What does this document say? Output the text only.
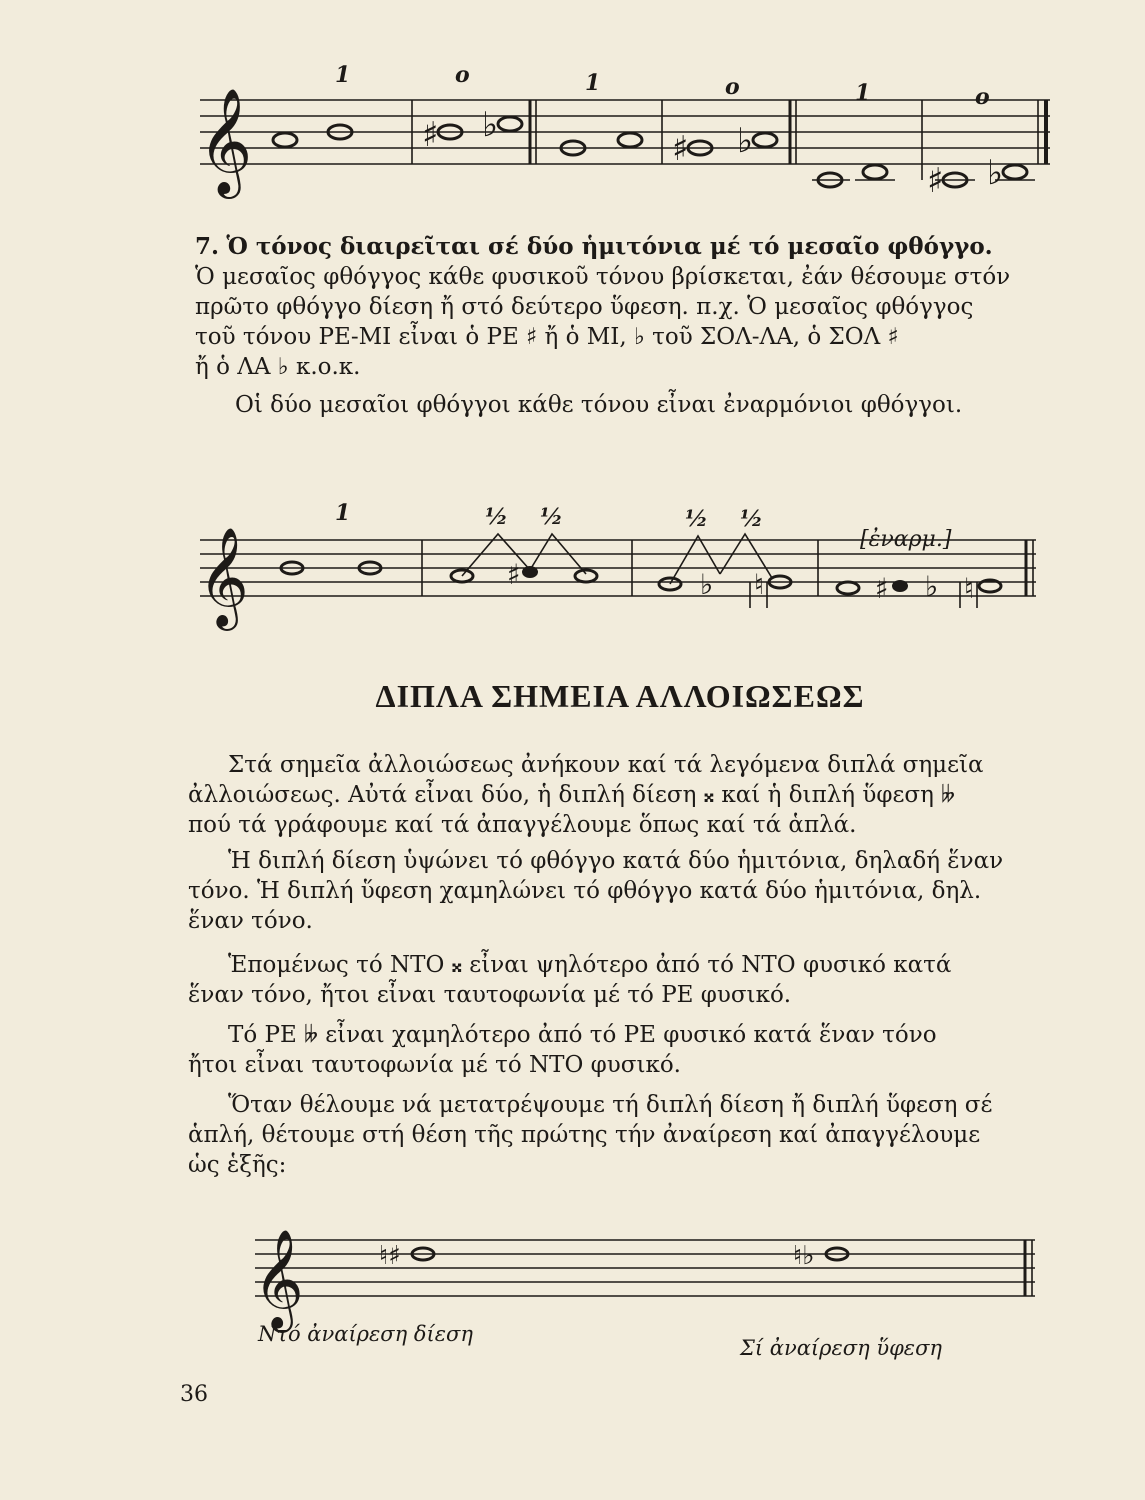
𝄞	♯ ♭
♯ ♭
♯ ♭
1	o	1	o	1	o

7. Ὁ τόνος διαιρεῖται σέ δύο ἡμιτόνια μέ τό μεσαῖο φθόγγο.

Ὁ μεσαῖος φθόγγος κάθε φυσικοῦ τόνου βρίσκεται, ἐάν θέσουμε στόν

πρῶτο φθόγγο δίεση ἤ στό δεύτερο ὕφεση. π.χ. Ὁ μεσαῖος φθόγγος

τοῦ τόνου ΡΕ-ΜΙ εἶναι ὁ ΡΕ ♯ ἤ ὁ ΜΙ, ♭ τοῦ ΣΟΛ-ΛΑ, ὁ ΣΟΛ ♯

ἤ ὁ ΛΑ ♭ κ.ο.κ.

Οἱ δύο μεσαῖοι φθόγγοι κάθε τόνου εἶναι ἐναρμόνιοι φθόγγοι.

𝄞	♯	♭ ♮	♯ ♭ ♮
1	½ ½	½ ½
[ἐναρμ.]
ΔΙΠΛΑ ΣΗΜΕΙΑ ΑΛΛΟΙΩΣΕΩΣ

Στά σημεῖα ἀλλοιώσεως ἀνήκουν καί τά λεγόμενα διπλά σημεῖα

ἀλλοιώσεως. Αὐτά εἶναι δύο, ἡ διπλή δίεση 𝄪 καί ἡ διπλή ὕφεση 𝄫

πού τά γράφουμε καί τά ἀπαγγέλουμε ὅπως καί τά ἁπλά.

Ἡ διπλή δίεση ὑψώνει τό φθόγγο κατά δύο ἡμιτόνια, δηλαδή ἕναν

τόνο. Ἡ διπλή ὕφεση χαμηλώνει τό φθόγγο κατά δύο ἡμιτόνια, δηλ.

ἕναν τόνο.

Ἑπομένως τό ΝΤΟ 𝄪 εἶναι ψηλότερο ἀπό τό ΝΤΟ φυσικό κατά

ἕναν τόνο, ἤτοι εἶναι ταυτοφωνία μέ τό ΡΕ φυσικό.

Τό ΡΕ 𝄫 εἶναι χαμηλότερο ἀπό τό ΡΕ φυσικό κατά ἕναν τόνο

ἤτοι εἶναι ταυτοφωνία μέ τό ΝΤΟ φυσικό.

Ὅταν θέλουμε νά μετατρέψουμε τή διπλή δίεση ἤ διπλή ὕφεση σέ

ἁπλή, θέτουμε στή θέση τῆς πρώτης τήν ἀναίρεση καί ἀπαγγέλουμε

ὡς ἑξῆς:

𝄞	♮♯	♮♭
Ντό ἀναίρεση δίεση
Σί ἀναίρεση ὕφεση
36
